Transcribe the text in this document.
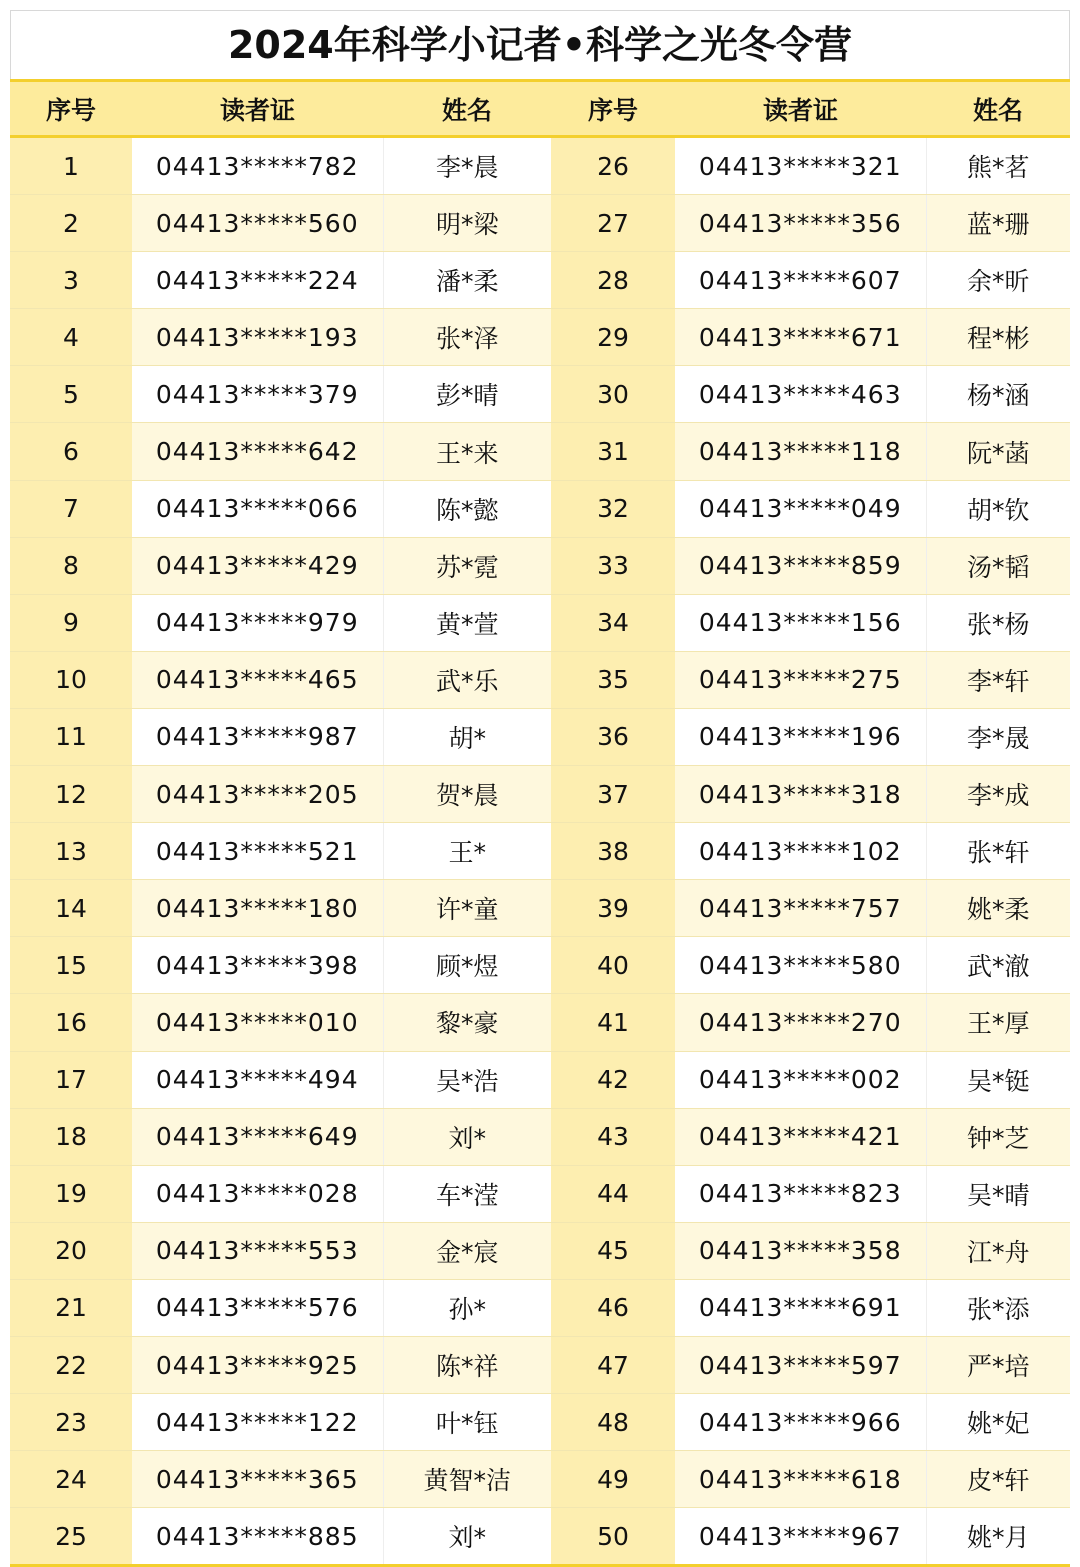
2024年科学小记者•科学之光冬令营
序号	读者证	姓名	序号	读者证	姓名
1	04413*****782	李*晨	26	04413*****321	熊*茗
2	04413*****560	明*梁	27	04413*****356	蓝*珊
3	04413*****224	潘*柔	28	04413*****607	余*昕
4	04413*****193	张*泽	29	04413*****671	程*彬
5	04413*****379	彭*晴	30	04413*****463	杨*涵
6	04413*****642	王*来	31	04413*****118	阮*菡
7	04413*****066	陈*懿	32	04413*****049	胡*钦
8	04413*****429	苏*霓	33	04413*****859	汤*韬
9	04413*****979	黄*萱	34	04413*****156	张*杨
10	04413*****465	武*乐	35	04413*****275	李*轩
11	04413*****987	胡*	36	04413*****196	李*晟
12	04413*****205	贺*晨	37	04413*****318	李*成
13	04413*****521	王*	38	04413*****102	张*轩
14	04413*****180	许*童	39	04413*****757	姚*柔
15	04413*****398	顾*煜	40	04413*****580	武*澈
16	04413*****010	黎*豪	41	04413*****270	王*厚
17	04413*****494	吴*浩	42	04413*****002	吴*铤
18	04413*****649	刘*	43	04413*****421	钟*芝
19	04413*****028	车*滢	44	04413*****823	吴*晴
20	04413*****553	金*宸	45	04413*****358	江*舟
21	04413*****576	孙*	46	04413*****691	张*添
22	04413*****925	陈*祥	47	04413*****597	严*培
23	04413*****122	叶*钰	48	04413*****966	姚*妃
24	04413*****365	黄智*洁	49	04413*****618	皮*轩
25	04413*****885	刘*	50	04413*****967	姚*月
